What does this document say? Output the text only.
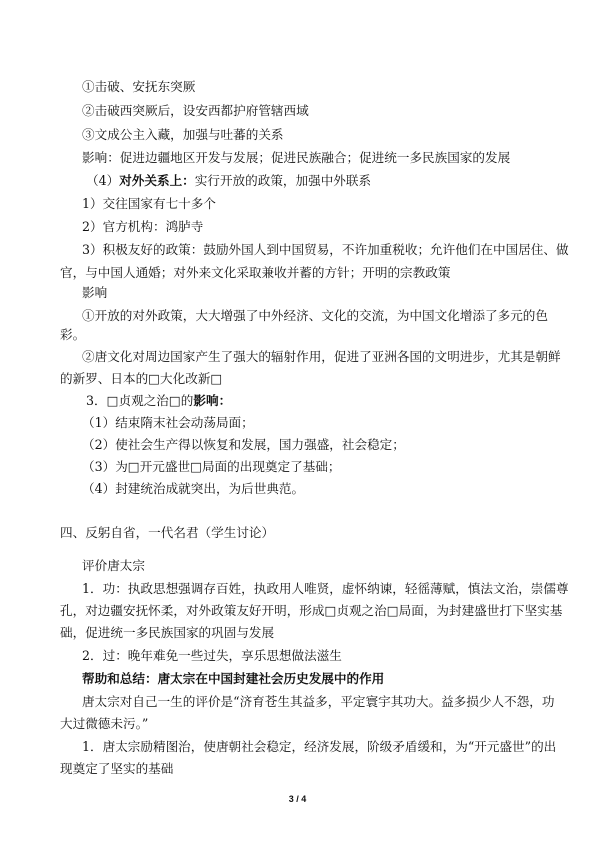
①击破、安抚东突厥
②击破西突厥后，设安西都护府管辖西域
③文成公主入藏，加强与吐蕃的关系
影响：促进边疆地区开发与发展；促进民族融合；促进统一多民族国家的发展
（4）对外关系上：实行开放的政策，加强中外联系
1）交往国家有七十多个
2）官方机构：鸿胪寺
3）积极友好的政策：鼓励外国人到中国贸易，不许加重税收；允许他们在中国居住、做
官，与中国人通婚；对外来文化采取兼收并蓄的方针；开明的宗教政策
影响
①开放的对外政策，大大增强了中外经济、文化的交流，为中国文化增添了多元的色
彩。
②唐文化对周边国家产生了强大的辐射作用，促进了亚洲各国的文明进步，尤其是朝鲜
的新罗、日本的□大化改新□
3．□贞观之治□的影响：
（1）结束隋末社会动荡局面；
（2）使社会生产得以恢复和发展，国力强盛，社会稳定；
（3）为□开元盛世□局面的出现奠定了基础；
（4）封建统治成就突出，为后世典范。
四、反躬自省，一代名君（学生讨论）
评价唐太宗
1．功：执政思想强调存百姓，执政用人唯贤，虚怀纳谏，轻徭薄赋，慎法文治，崇儒尊
孔，对边疆安抚怀柔，对外政策友好开明，形成□贞观之治□局面，为封建盛世打下坚实基
础，促进统一多民族国家的巩固与发展
2．过：晚年难免一些过失，享乐思想做法滋生
帮助和总结：唐太宗在中国封建社会历史发展中的作用
唐太宗对自己一生的评价是“济育苍生其益多，平定寰宇其功大。益多损少人不怨，功
大过微德未污。”
1．唐太宗励精图治，使唐朝社会稳定，经济发展，阶级矛盾缓和，为“开元盛世”的出
现奠定了坚实的基础
3 / 4
